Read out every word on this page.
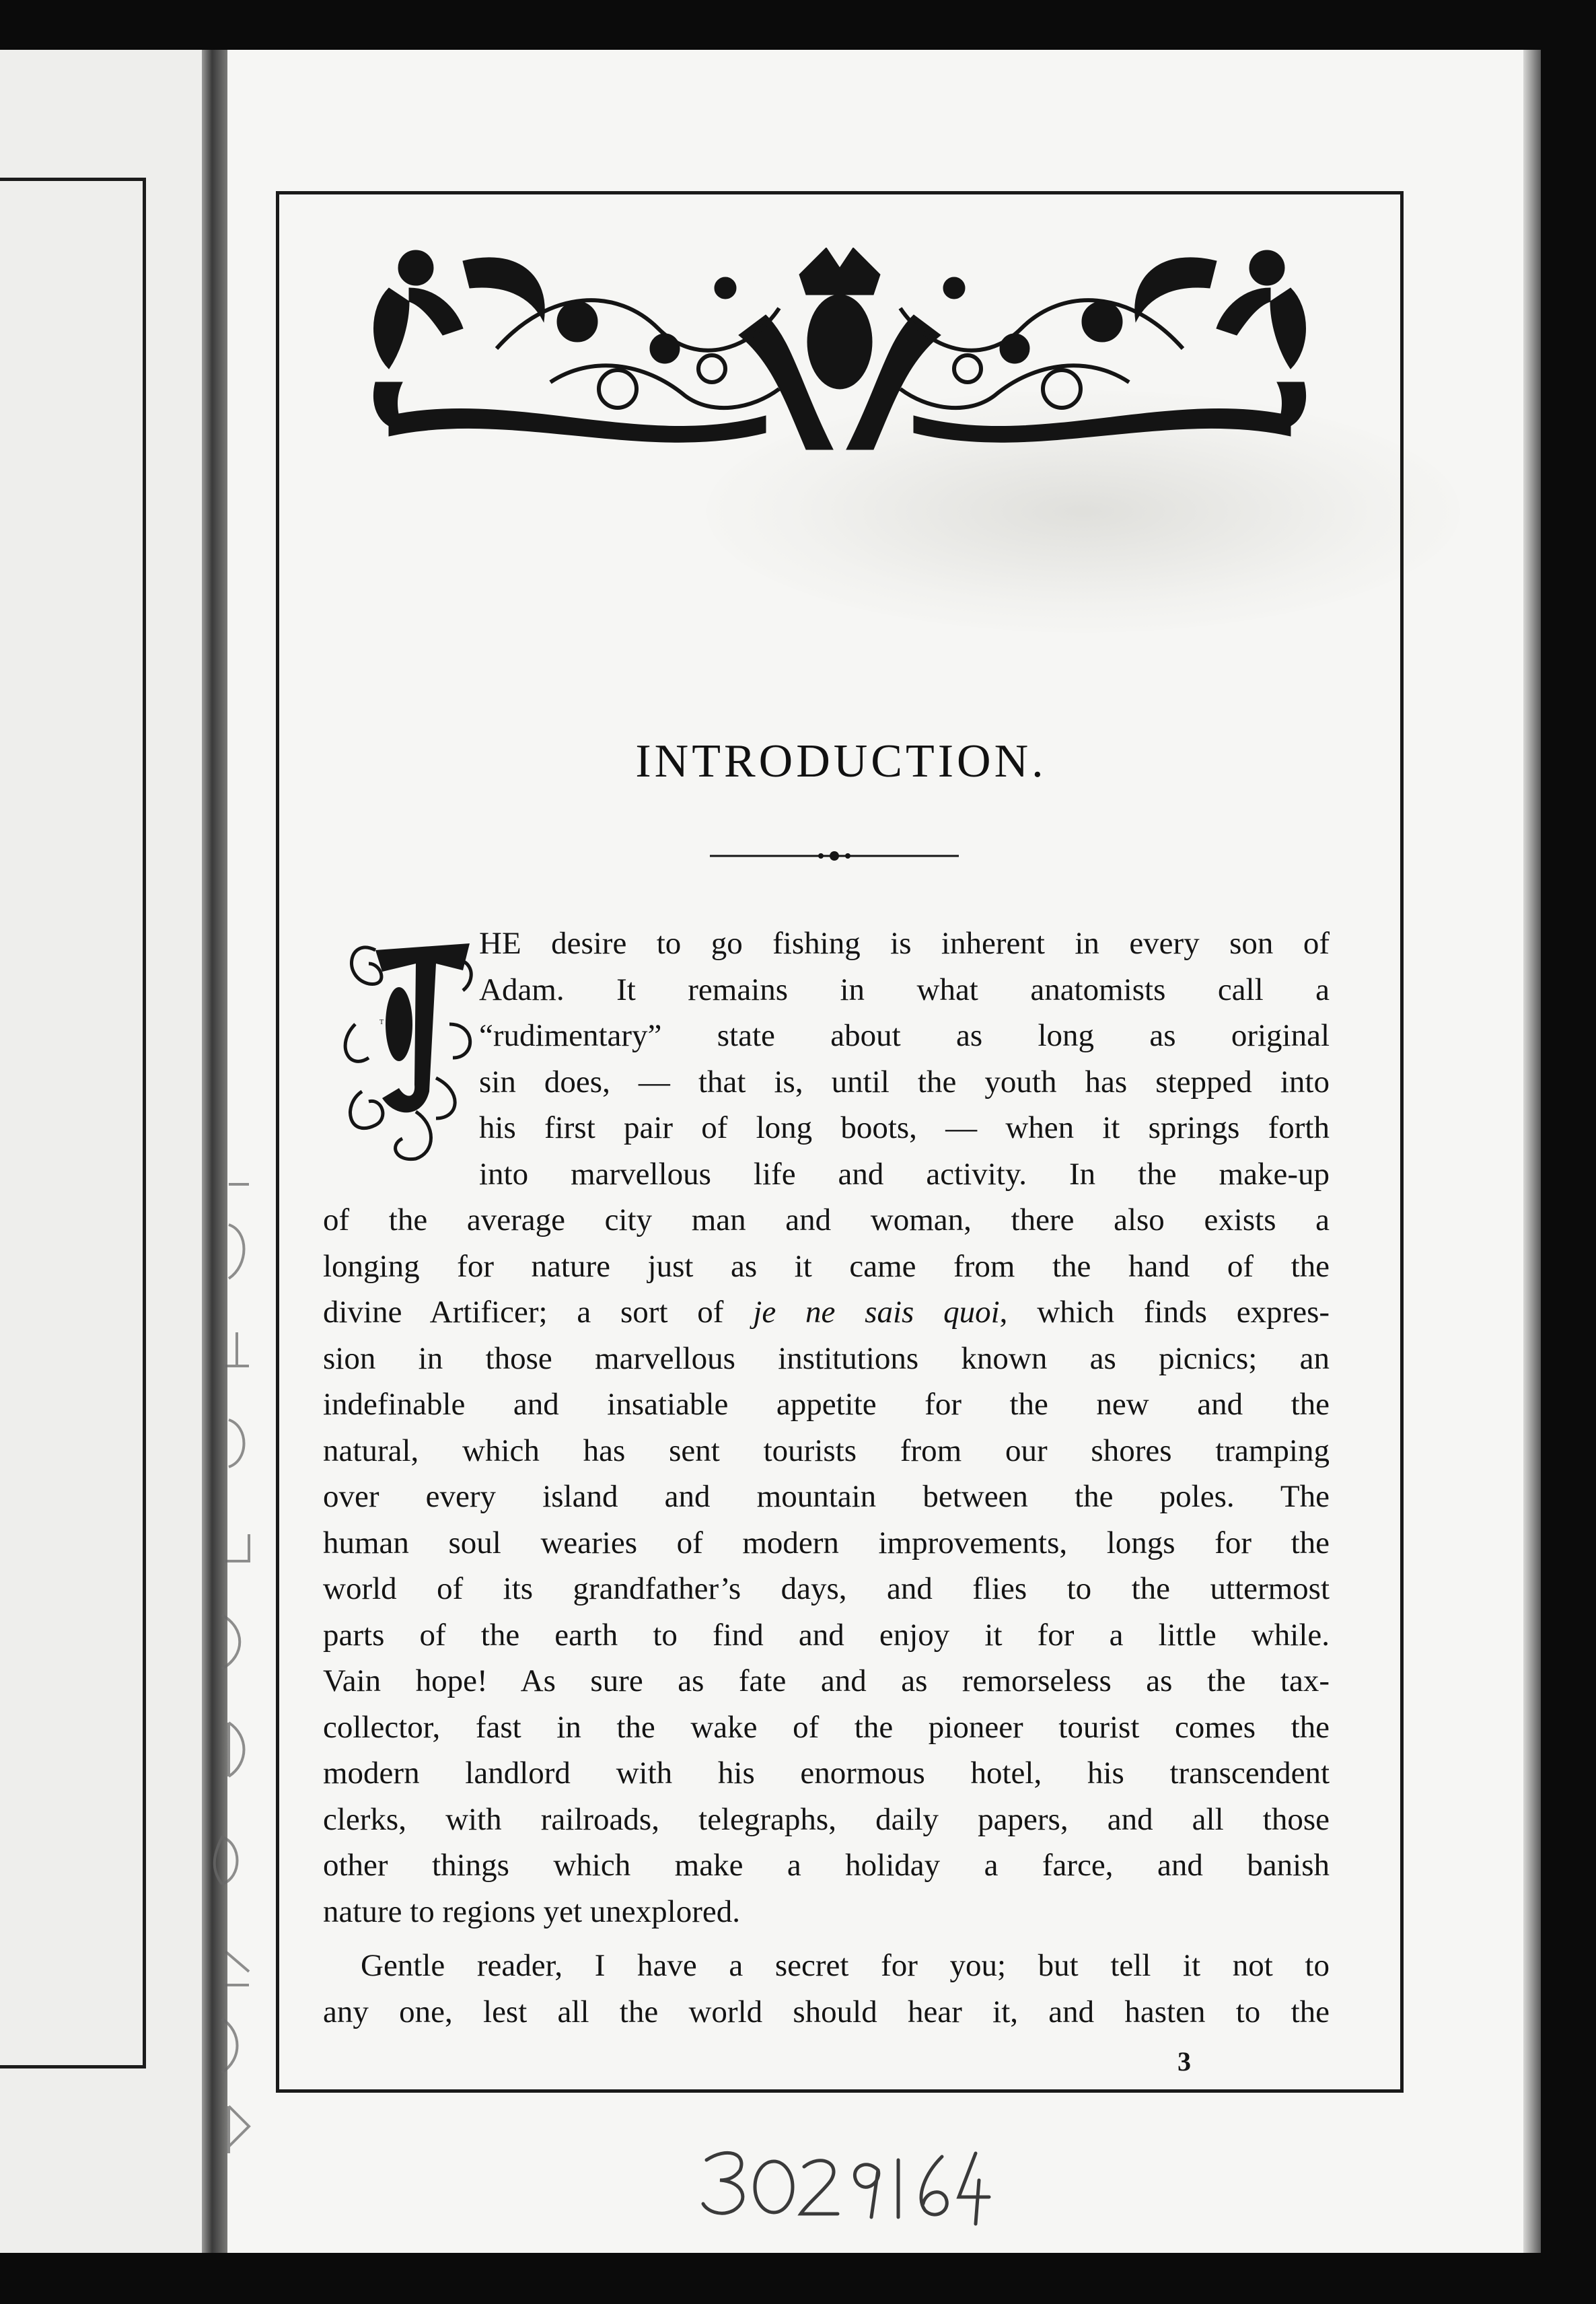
INTRODUCTION.
T
HE desire to go fishing is inherent in every son of
Adam. It remains in what anatomists call a
“rudimentary” state about as long as original
sin does, — that is, until the youth has stepped into
his first pair of long boots, — when it springs forth
into marvellous life and activity. In the make-up
of the average city man and woman, there also exists a
longing for nature just as it came from the hand of the
divine Artificer; a sort of je ne sais quoi, which finds expres-
sion in those marvellous institutions known as picnics; an
indefinable and insatiable appetite for the new and the
natural, which has sent tourists from our shores tramping
over every island and mountain between the poles. The
human soul wearies of modern improvements, longs for the
world of its grandfather’s days, and flies to the uttermost
parts of the earth to find and enjoy it for a little while.
Vain hope! As sure as fate and as remorseless as the tax-
collector, fast in the wake of the pioneer tourist comes the
modern landlord with his enormous hotel, his transcendent
clerks, with railroads, telegraphs, daily papers, and all those
other things which make a holiday a farce, and banish
nature to regions yet unexplored.
Gentle reader, I have a secret for you; but tell it not to
any one, lest all the world should hear it, and hasten to the
3
